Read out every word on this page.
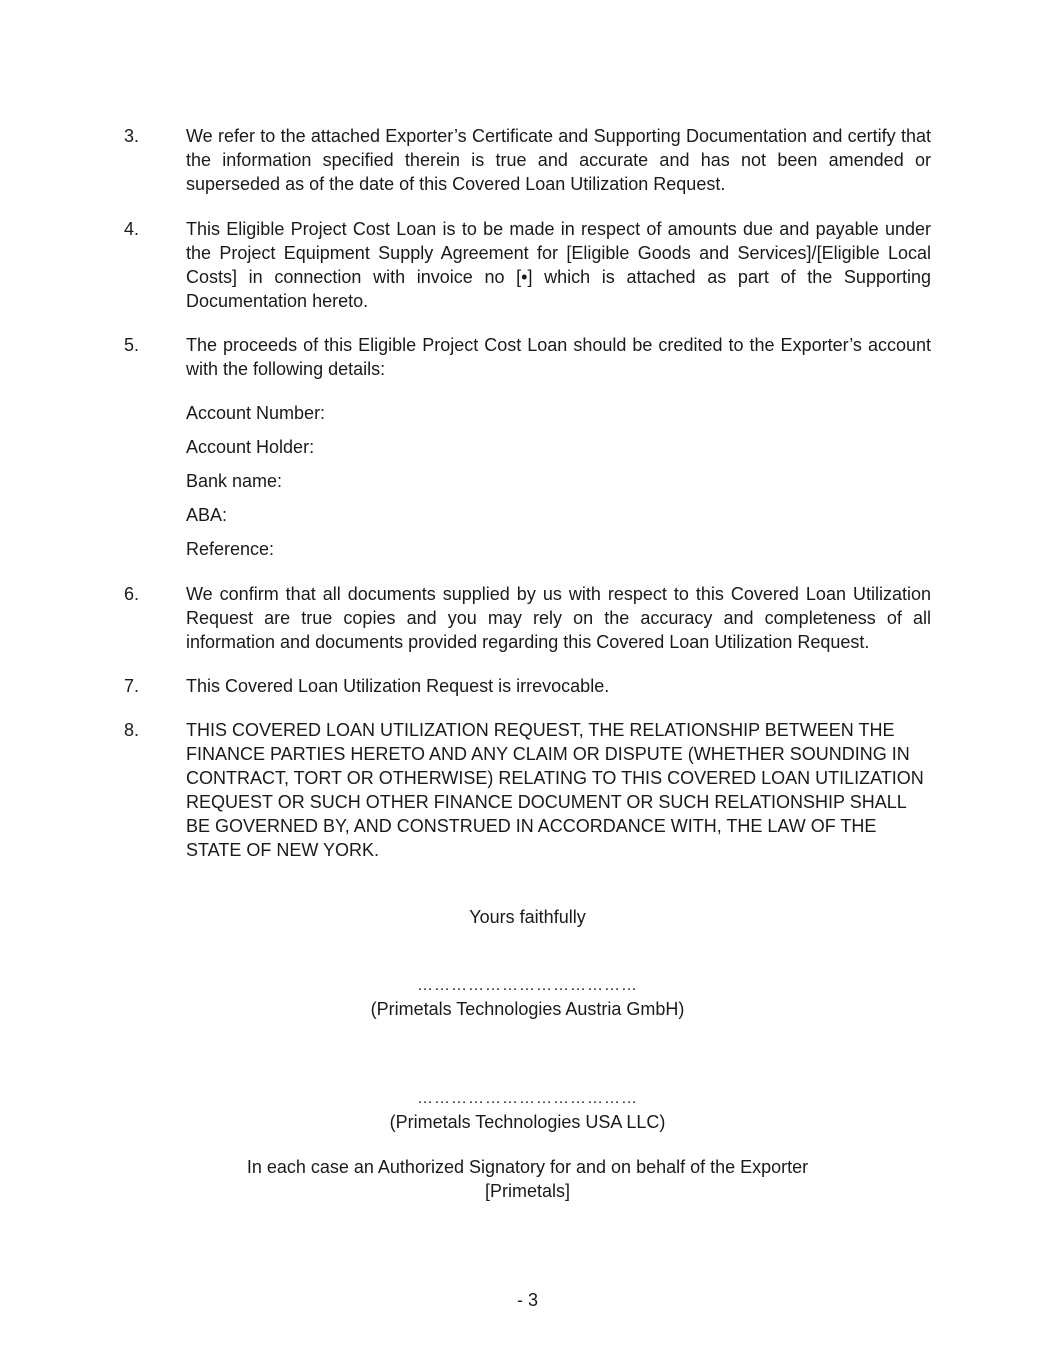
3.	We refer to the attached Exporter’s Certificate and Supporting Documentation and certify that the information specified therein is true and accurate and has not been amended or superseded as of the date of this Covered Loan Utilization Request.
4.	This Eligible Project Cost Loan is to be made in respect of amounts due and payable under the Project Equipment Supply Agreement for [Eligible Goods and Services]/[Eligible Local Costs] in connection with invoice no [•] which is attached as part of the Supporting Documentation hereto.
5.	The proceeds of this Eligible Project Cost Loan should be credited to the Exporter’s account with the following details:
Account Number:
Account Holder:
Bank name:
ABA:
Reference:
6.	We confirm that all documents supplied by us with respect to this Covered Loan Utilization Request are true copies and you may rely on the accuracy and completeness of all information and documents provided regarding this Covered Loan Utilization Request.
7.	This Covered Loan Utilization Request is irrevocable.
8.	THIS COVERED LOAN UTILIZATION REQUEST, THE RELATIONSHIP BETWEEN THE FINANCE PARTIES HERETO AND ANY CLAIM OR DISPUTE (WHETHER SOUNDING IN CONTRACT, TORT OR OTHERWISE) RELATING TO THIS COVERED LOAN UTILIZATION REQUEST OR SUCH OTHER FINANCE DOCUMENT OR SUCH RELATIONSHIP SHALL BE GOVERNED BY, AND CONSTRUED IN ACCORDANCE WITH, THE LAW OF THE STATE OF NEW YORK.
Yours faithfully
…………………………………
(Primetals Technologies Austria GmbH)
…………………………………
(Primetals Technologies USA LLC)
In each case an Authorized Signatory for and on behalf of the Exporter
[Primetals]
- 3
